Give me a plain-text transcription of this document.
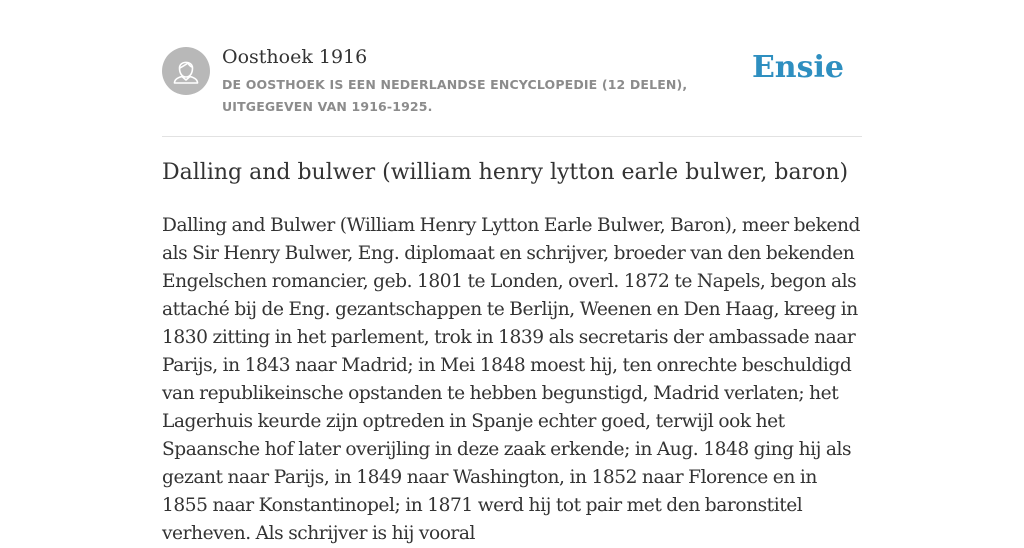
Oosthoek 1916
DE OOSTHOEK IS EEN NEDERLANDSE ENCYCLOPEDIE (12 DELEN), UITGEGEVEN VAN 1916-1925.
Ensie
Dalling and bulwer (william henry lytton earle bulwer, baron)

Dalling and Bulwer (William Henry Lytton Earle Bulwer, Baron), meer bekend als Sir Henry Bulwer, Eng. diplomaat en schrijver, broeder van den bekenden Engelschen romancier, geb. 1801 te Londen, overl. 1872 te Napels, begon als attaché bij de Eng. gezantschappen te Berlijn, Weenen en Den Haag, kreeg in 1830 zitting in het parlement, trok in 1839 als secretaris der ambassade naar Parijs, in 1843 naar Madrid; in Mei 1848 moest hij, ten onrechte beschuldigd van republikeinsche opstanden te hebben begunstigd, Madrid verlaten; het Lagerhuis keurde zijn optreden in Spanje echter goed, terwijl ook het Spaansche hof later overijling in deze zaak erkende; in Aug. 1848 ging hij als gezant naar Parijs, in 1849 naar Washington, in 1852 naar Florence en in 1855 naar Konstantinopel; in 1871 werd hij tot pair met den baronstitel verheven. Als schrijver is hij vooral
